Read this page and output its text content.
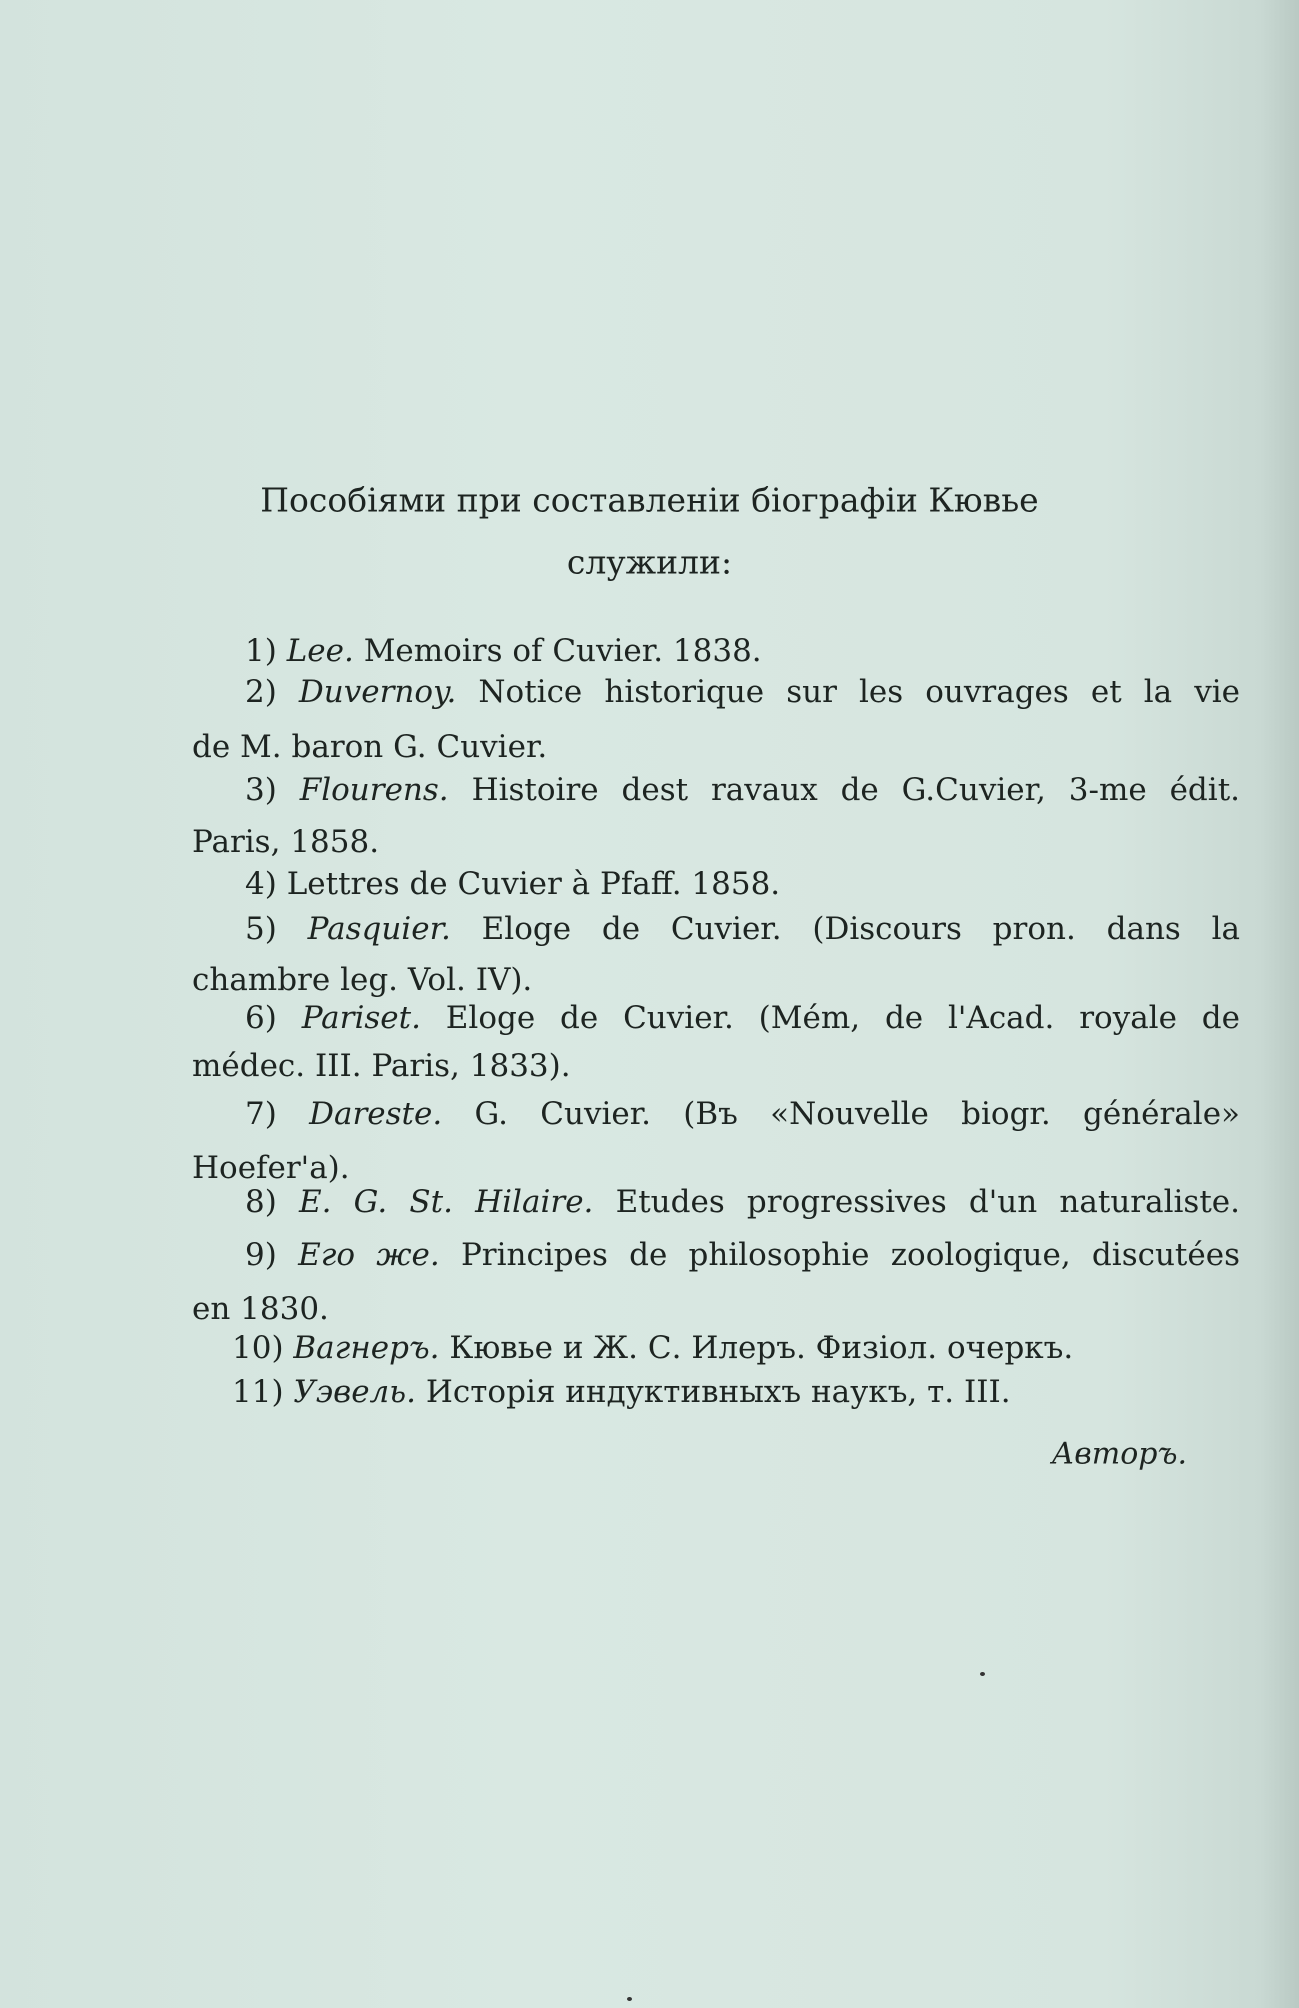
Пособіями при составленіи біографіи Кювье
служили:
1) Lee. Memoirs of Cuvier. 1838.
2) Duvernoy. Notice historique sur les ouvrages et la vie
de M. baron G. Cuvier.
3) Flourens. Histoire dest ravaux de G.Cuvier, 3-me édit.
Paris, 1858.
4) Lettres de Cuvier à Pfaff. 1858.
5) Pasquier. Eloge de Cuvier. (Discours pron. dans la
chambre leg. Vol. IV).
6) Pariset. Eloge de Cuvier. (Mém, de l'Acad. royale de
médec. III. Paris, 1833).
7) Dareste. G. Cuvier. (Въ «Nouvelle biogr. générale»
Hoefer'a).
8) E. G. St. Hilaire. Etudes progressives d'un naturaliste.
9) Его же. Principes de philosophie zoologique, discutées
en 1830.
10) Вагнеръ. Кювье и Ж. С. Илеръ. Физіол. очеркъ.
11) Уэвель. Исторія индуктивныхъ наукъ, т. III.
Авторъ.
